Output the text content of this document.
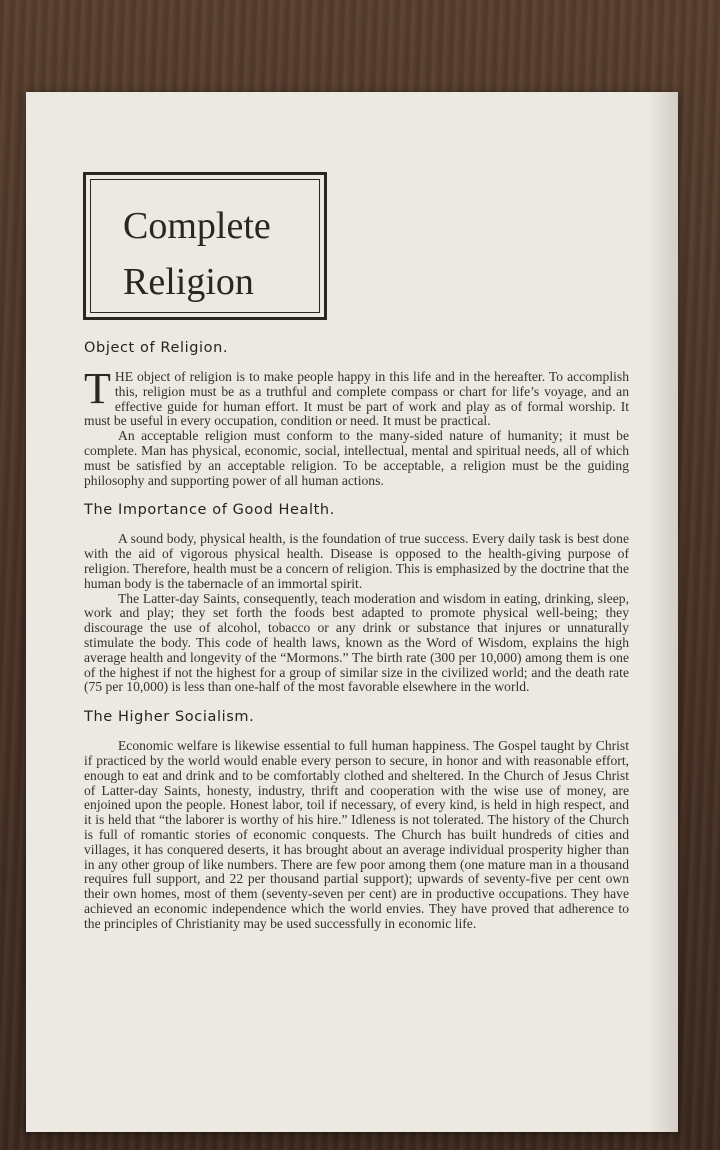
Complete
Religion
Object of Religion.

THE object of religion is to make people happy in this life and in the hereafter. To accomplish this, religion must be as a truthful and complete compass or chart for life’s voyage, and an effective guide for human effort. It must be part of work and play as of formal worship. It must be useful in every occupation, condition or need. It must be practical.

An acceptable religion must conform to the many-sided nature of humanity; it must be complete. Man has physical, economic, social, intellectual, mental and spiritual needs, all of which must be satisfied by an acceptable religion. To be acceptable, a religion must be the guiding philosophy and supporting power of all human actions.

The Importance of Good Health.

A sound body, physical health, is the foundation of true success. Every daily task is best done with the aid of vigorous physical health. Disease is opposed to the health-giving purpose of religion. Therefore, health must be a concern of religion. This is emphasized by the doctrine that the human body is the tabernacle of an immortal spirit.

The Latter-day Saints, consequently, teach moderation and wisdom in eating, drinking, sleep, work and play; they set forth the foods best adapted to promote physical well-being; they discourage the use of alcohol, tobacco or any drink or substance that injures or unnaturally stimulate the body. This code of health laws, known as the Word of Wisdom, explains the high average health and longevity of the “Mormons.” The birth rate (300 per 10,000) among them is one of the highest if not the highest for a group of similar size in the civilized world; and the death rate (75 per 10,000) is less than one-half of the most favorable elsewhere in the world.

The Higher Socialism.

Economic welfare is likewise essential to full human happiness. The Gospel taught by Christ if practiced by the world would enable every person to secure, in honor and with reasonable effort, enough to eat and drink and to be comfortably clothed and sheltered. In the Church of Jesus Christ of Latter-day Saints, honesty, industry, thrift and cooperation with the wise use of money, are enjoined upon the people. Honest labor, toil if necessary, of every kind, is held in high respect, and it is held that “the laborer is worthy of his hire.” Idleness is not tolerated. The history of the Church is full of romantic stories of economic conquests. The Church has built hundreds of cities and villages, it has conquered deserts, it has brought about an average individual prosperity higher than in any other group of like numbers. There are few poor among them (one mature man in a thousand requires full support, and 22 per thousand partial support); upwards of seventy-five per cent own their own homes, most of them (seventy-seven per cent) are in productive occupations. They have achieved an economic independence which the world envies. They have proved that adherence to the principles of Christianity may be used successfully in economic life.
